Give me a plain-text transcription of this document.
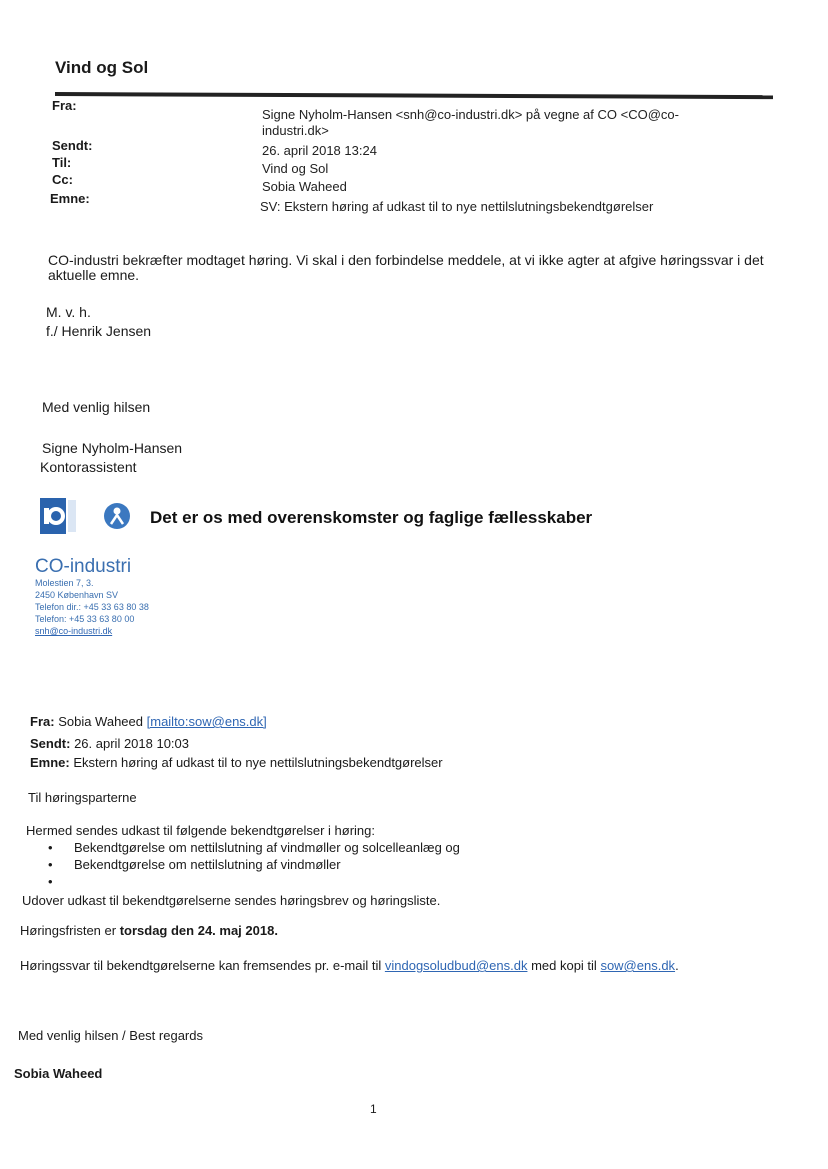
Vind og Sol
Fra:
Signe Nyholm-Hansen <snh@co-industri.dk> på vegne af CO <CO@co-
industri.dk>
Sendt:	26. april 2018 13:24
Til:	Vind og Sol
Cc:	Sobia Waheed
Emne:
SV: Ekstern høring af udkast til to nye nettilslutningsbekendtgørelser
CO-industri bekræfter modtaget høring. Vi skal i den forbindelse meddele, at vi ikke agter at afgive høringssvar i det
aktuelle emne.
M. v. h.
f./ Henrik Jensen
Med venlig hilsen
Signe Nyholm-Hansen
Kontorassistent
Det er os med overenskomster og faglige fællesskaber
CO-industri
Molestien 7, 3.
2450 København SV
Telefon dir.: +45 33 63 80 38
Telefon: +45 33 63 80 00
snh@co-industri.dk
Fra: Sobia Waheed [mailto:sow@ens.dk]
Sendt: 26. april 2018 10:03
Emne: Ekstern høring af udkast til to nye nettilslutningsbekendtgørelser
Til høringsparterne
Hermed sendes udkast til følgende bekendtgørelser i høring:
• Bekendtgørelse om nettilslutning af vindmøller og solcelleanlæg og
• Bekendtgørelse om nettilslutning af vindmøller
•
Udover udkast til bekendtgørelserne sendes høringsbrev og høringsliste.
Høringsfristen er torsdag den 24. maj 2018.
Høringssvar til bekendtgørelserne kan fremsendes pr. e-mail til vindogsoludbud@ens.dk med kopi til sow@ens.dk.
Med venlig hilsen / Best regards
Sobia Waheed
1
